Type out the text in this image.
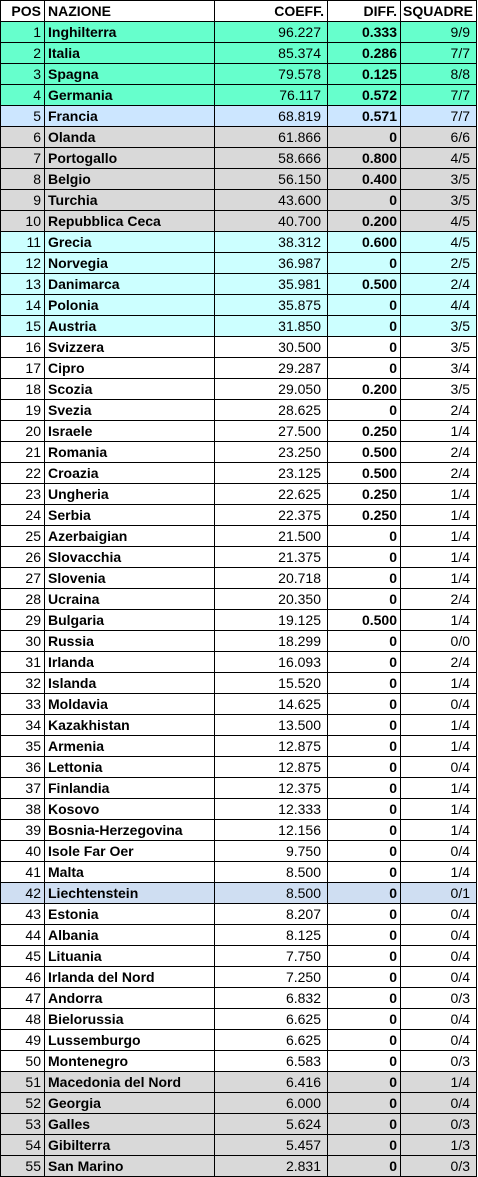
POS	NAZIONE	COEFF.	DIFF.	SQUADRE
1	Inghilterra	96.227	0.333	9/9
2	Italia	85.374	0.286	7/7
3	Spagna	79.578	0.125	8/8
4	Germania	76.117	0.572	7/7
5	Francia	68.819	0.571	7/7
6	Olanda	61.866	0	6/6
7	Portogallo	58.666	0.800	4/5
8	Belgio	56.150	0.400	3/5
9	Turchia	43.600	0	3/5
10	Repubblica Ceca	40.700	0.200	4/5
11	Grecia	38.312	0.600	4/5
12	Norvegia	36.987	0	2/5
13	Danimarca	35.981	0.500	2/4
14	Polonia	35.875	0	4/4
15	Austria	31.850	0	3/5
16	Svizzera	30.500	0	3/5
17	Cipro	29.287	0	3/4
18	Scozia	29.050	0.200	3/5
19	Svezia	28.625	0	2/4
20	Israele	27.500	0.250	1/4
21	Romania	23.250	0.500	2/4
22	Croazia	23.125	0.500	2/4
23	Ungheria	22.625	0.250	1/4
24	Serbia	22.375	0.250	1/4
25	Azerbaigian	21.500	0	1/4
26	Slovacchia	21.375	0	1/4
27	Slovenia	20.718	0	1/4
28	Ucraina	20.350	0	2/4
29	Bulgaria	19.125	0.500	1/4
30	Russia	18.299	0	0/0
31	Irlanda	16.093	0	2/4
32	Islanda	15.520	0	1/4
33	Moldavia	14.625	0	0/4
34	Kazakhistan	13.500	0	1/4
35	Armenia	12.875	0	1/4
36	Lettonia	12.875	0	0/4
37	Finlandia	12.375	0	1/4
38	Kosovo	12.333	0	1/4
39	Bosnia-Herzegovina	12.156	0	1/4
40	Isole Far Oer	9.750	0	0/4
41	Malta	8.500	0	1/4
42	Liechtenstein	8.500	0	0/1
43	Estonia	8.207	0	0/4
44	Albania	8.125	0	0/4
45	Lituania	7.750	0	0/4
46	Irlanda del Nord	7.250	0	0/4
47	Andorra	6.832	0	0/3
48	Bielorussia	6.625	0	0/4
49	Lussemburgo	6.625	0	0/4
50	Montenegro	6.583	0	0/3
51	Macedonia del Nord	6.416	0	1/4
52	Georgia	6.000	0	0/4
53	Galles	5.624	0	0/3
54	Gibilterra	5.457	0	1/3
55	San Marino	2.831	0	0/3
